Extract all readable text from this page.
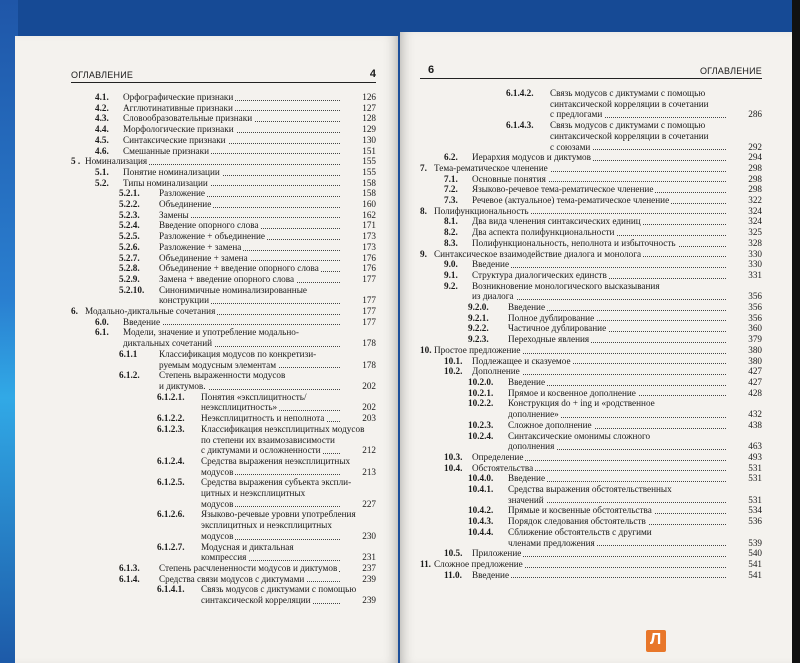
ОГЛАВЛЕНИЕ	4
4.1. Орфографические признаки	126
4.2. Агглютинативные признаки	127
4.3. Словообразовательные признаки	128
4.4. Морфологические признаки	129
4.5. Синтаксические признаки	130
4.6. Смешанные признаки	151
5 . Номинализация	155
5.1. Понятие номинализации	155
5.2. Типы номинализации	158
5.2.1. Разложение	158
5.2.2. Объединение	160
5.2.3. Замены	162
5.2.4. Введение опорного слова	171
5.2.5. Разложение + объединение	173
5.2.6. Разложение + замена	173
5.2.7. Объединение + замена	176
5.2.8. Объединение + введение опорного слова	176
5.2.9. Замена + введение опорного слова	177
5.2.10. Синонимичные номинализированные
конструкции	177
6. Модально-диктальные сочетания	177
6.0. Введение	177
6.1. Модели, значение и употребление модально-
диктальных сочетаний	178
6.1.1 Классификация модусов по конкретизи-
руемым модусным элементам	178
6.1.2. Степень выраженности модусов
и диктумов.	202
6.1.2.1. Понятия «эксплицитность/
неэксплицитность»	202
6.1.2.2. Неэксплицитность и неполнота	203
6.1.2.3. Классификация неэксплицитных модусов
по степени их взаимозависимости
с диктумами и осложненности	212
6.1.2.4. Средства выражения неэксплицитных
модусов	213
6.1.2.5. Средства выражения субъекта экспли-
цитных и неэксплицитных модусов	227
6.1.2.6. Языково-речевые уровни употребления
эксплицитных и неэксплицитных
модусов	230
6.1.2.7. Модусная и диктальная компрессия	231
6.1.3. Степень расчлененности модусов и диктумов	237
6.1.4. Средства связи модусов с диктумами	239
6.1.4.1. Связь модусов с диктумами с помощью
синтаксической корреляции	239
6	ОГЛАВЛЕНИЕ
6.1.4.2. Связь модусов с диктумами с помощью
синтаксической корреляции в сочетании
с предлогами	286
6.1.4.3. Связь модусов с диктумами с помощью
синтаксической корреляции в сочетании
с союзами	292
6.2. Иерархия модусов и диктумов	294
7. Тема-рематическое членение	298
7.1. Основные понятия	298
7.2. Языково-речевое тема-рематическое членение	298
7.3. Речевое (актуальное) тема-рематическое членение	322
8. Полифункциональность	324
8.1. Два вида членения синтаксических единиц	324
8.2. Два аспекта полифункциональности	325
8.3. Полифункциональность, неполнота и избыточность	328
9. Синтаксическое взаимодействие диалога и монолога	330
9.0. Введение	330
9.1. Структура диалогических единств	331
9.2. Возникновение монологического высказывания
из диалога	356
9.2.0. Введение	356
9.2.1. Полное дублирование	356
9.2.2. Частичное дублирование	360
9.2.3. Переходные явления	379
10. Простое предложение	380
10.1. Подлежащее и сказуемое	380
10.2. Дополнение	427
10.2.0. Введение	427
10.2.1. Прямое и косвенное дополнение	428
10.2.2. Конструкция do + ing и «родственное
дополнение»	432
10.2.3. Сложное дополнение	438
10.2.4. Синтаксические омонимы сложного
дополнения	463
10.3. Определение	493
10.4. Обстоятельства	531
10.4.0. Введение	531
10.4.1. Средства выражения обстоятельственных
значений	531
10.4.2. Прямые и косвенные обстоятельства	534
10.4.3. Порядок следования обстоятельств	536
10.4.4. Сближение обстоятельств с другими
членами предложения	539
10.5. Приложение	540
11. Сложное предложение	541
11.0. Введение	541
Л
